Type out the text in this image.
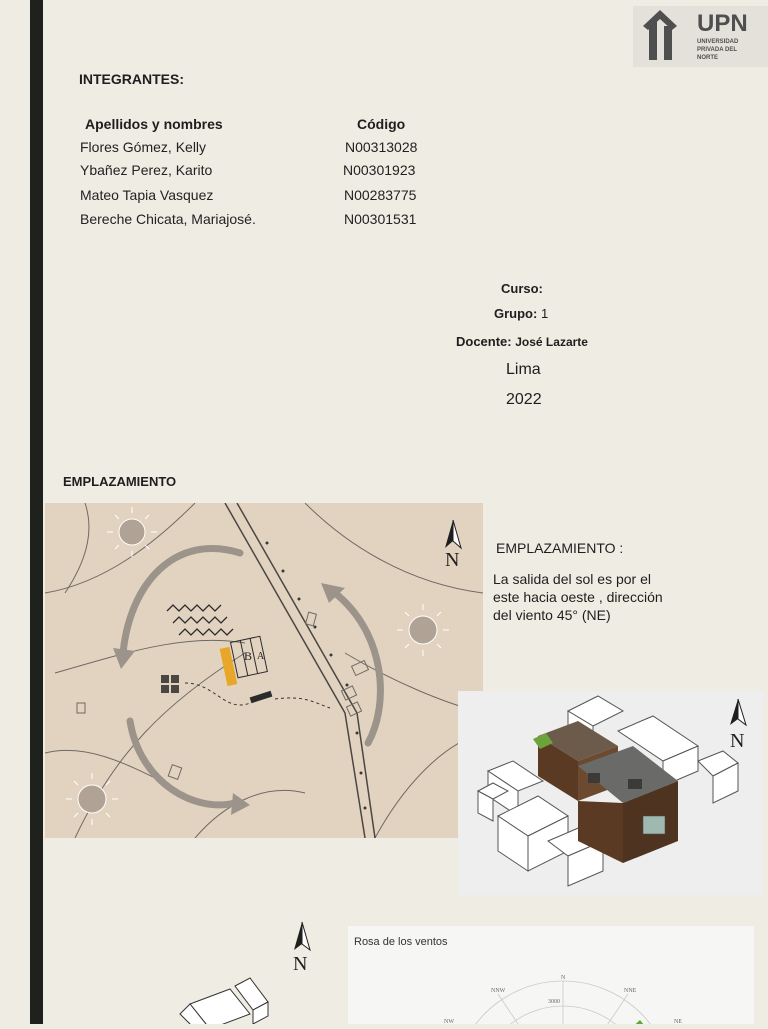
UPN
UNIVERSIDAD PRIVADA DEL NORTE
INTEGRANTES:
Apellidos y nombres	Código
Flores Gómez, Kelly	N00313028
Ybañez Perez, Karito	N00301923
Mateo Tapia Vasquez	N00283775
Bereche Chicata, Mariajosé.	N00301531
Curso:
Grupo: 1
Docente: José Lazarte
Lima
2022
EMPLAZAMIENTO
B A
N
EMPLAZAMIENTO :
La salida del sol es por el este hacia oeste , dirección del viento 45° (NE)
N
N
Rosa de los ventos
N
NNW	NNE
NW	NE
3000
